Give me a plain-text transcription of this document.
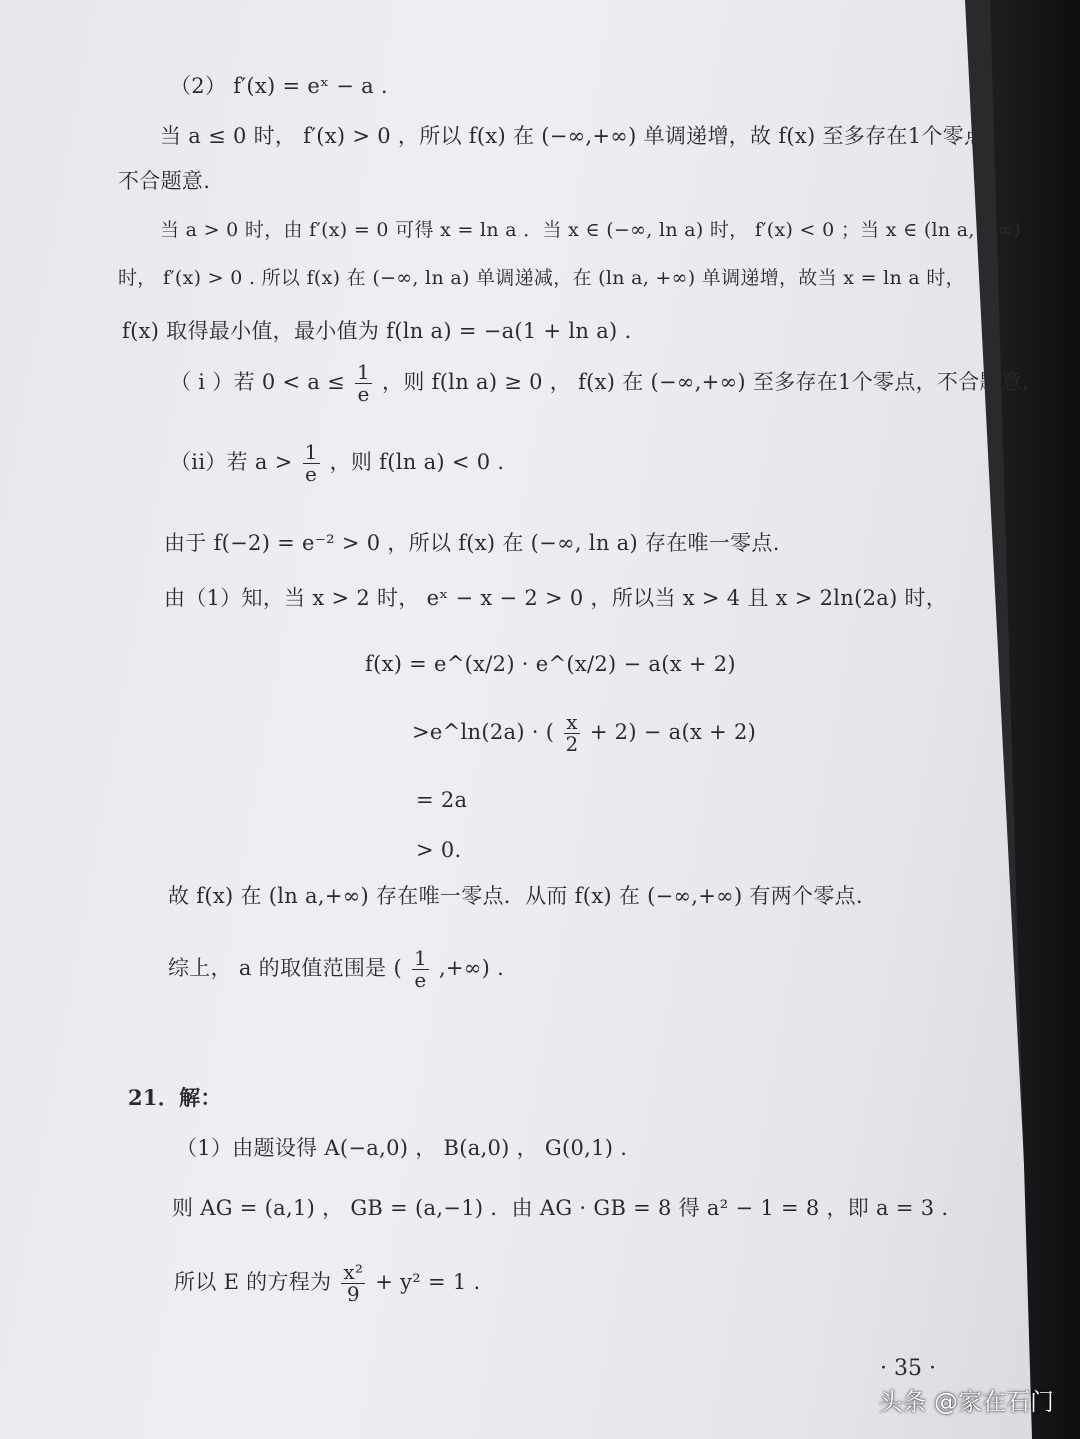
（2） f′(x) = eˣ − a .
当 a ≤ 0 时， f′(x) > 0 ，所以 f(x) 在 (−∞,+∞) 单调递增，故 f(x) 至多存在1个零点，
不合题意.
当 a > 0 时，由 f′(x) = 0 可得 x = ln a ．当 x ∈ (−∞, ln a) 时， f′(x) < 0 ；当 x ∈ (ln a, +∞)
时， f′(x) > 0 . 所以 f(x) 在 (−∞, ln a) 单调递减，在 (ln a, +∞) 单调递增，故当 x = ln a 时，
f(x) 取得最小值，最小值为 f(ln a) = −a(1 + ln a) .
（ i ）若 $0 < a \le \frac{1}{e}$ ，则 f(ln a) ≥ 0 ， f(x) 在 (−∞,+∞) 至多存在1个零点，不合题意.
（ii）若 $a > \frac{1}{e}$ ，则 f(ln a) < 0 .
由于 f(−2) = e⁻² > 0 ，所以 f(x) 在 (−∞, ln a) 存在唯一零点.
由（1）知，当 x > 2 时， eˣ − x − 2 > 0 ，所以当 x > 4 且 x > 2ln(2a) 时，
f(x) = e^(x/2) · e^(x/2) − a(x + 2)
>e^ln(2a) · ( $\frac{x}{2} + 2) - a(x + 2)$
= 2a
> 0.
故 f(x) 在 (ln a,+∞) 存在唯一零点．从而 f(x) 在 (−∞,+∞) 有两个零点.
综上， a 的取值范围是 ( $\frac{1}{e}$ ,+∞) .
21．解：
（1）由题设得 A(−a,0) ， B(a,0) ， G(0,1) .
则 AG = (a,1) ， GB = (a,−1) ．由 AG · GB = 8 得 a² − 1 = 8 ，即 a = 3 .
所以 E 的方程为 $\frac{\text{x²}}{9} + y^2 = 1$ .
· 35 ·
头条 @家在石门
